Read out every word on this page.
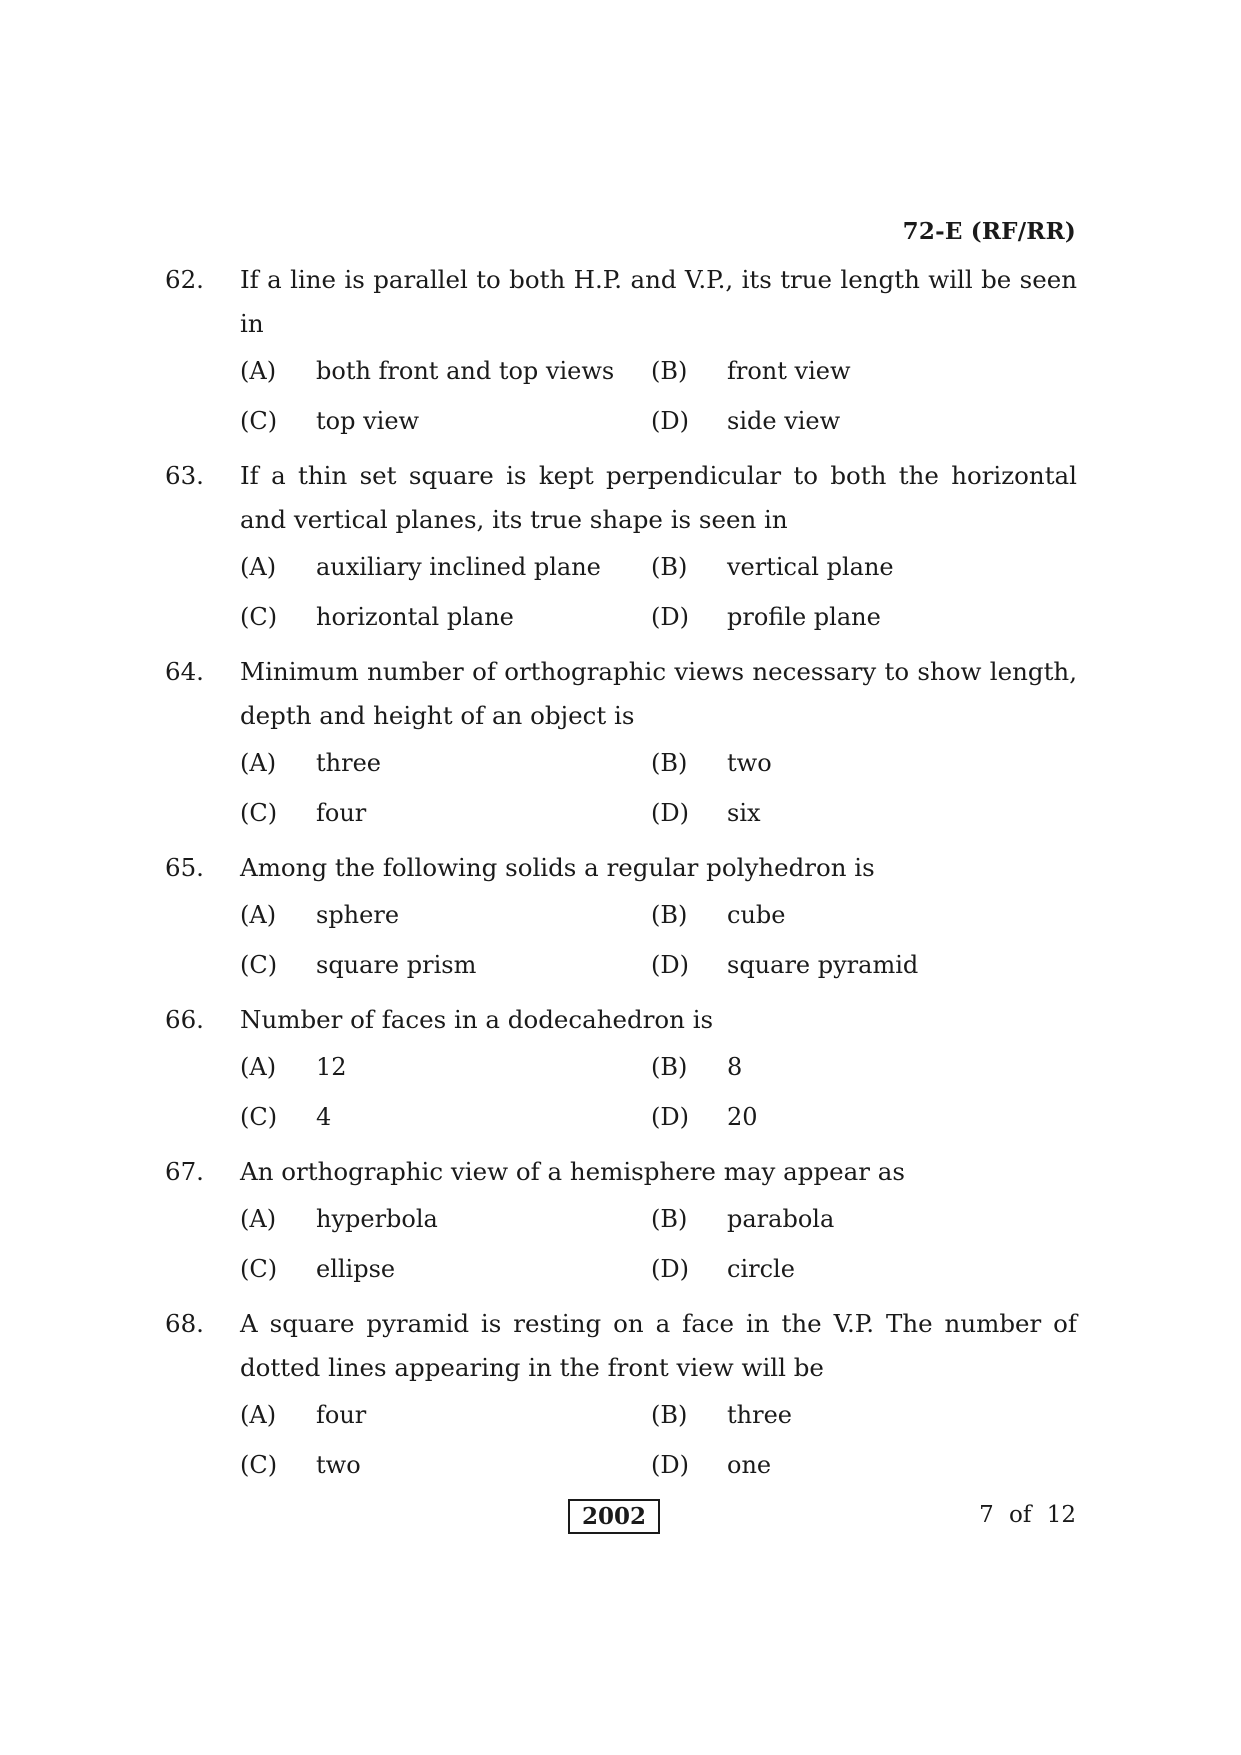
72-E (RF/RR)
62.	If a line is parallel to both H.P. and V.P., its true length will be seen in
(A)	both front and top views (B)	front view
(C)	top view	(D)	side view
63.	If a thin set square is kept perpendicular to both the horizontal and vertical planes, its true shape is seen in
(A)	auxiliary inclined plane (B)	vertical plane
(C)	horizontal plane	(D)	profile plane
64.	Minimum number of orthographic views necessary to show length, depth and height of an object is
(A)	three	(B)	two
(C)	four	(D)	six
65.	Among the following solids a regular polyhedron is
(A)	sphere	(B)	cube
(C)	square prism	(D)	square pyramid
66.	Number of faces in a dodecahedron is
(A)	12	(B)	8
(C)	4	(D)	20
67.	An orthographic view of a hemisphere may appear as
(A)	hyperbola	(B)	parabola
(C)	ellipse	(D)	circle
68.	A square pyramid is resting on a face in the V.P. The number of dotted lines appearing in the front view will be
(A)	four	(B)	three
(C)	two	(D)	one
2002	7 of 12
